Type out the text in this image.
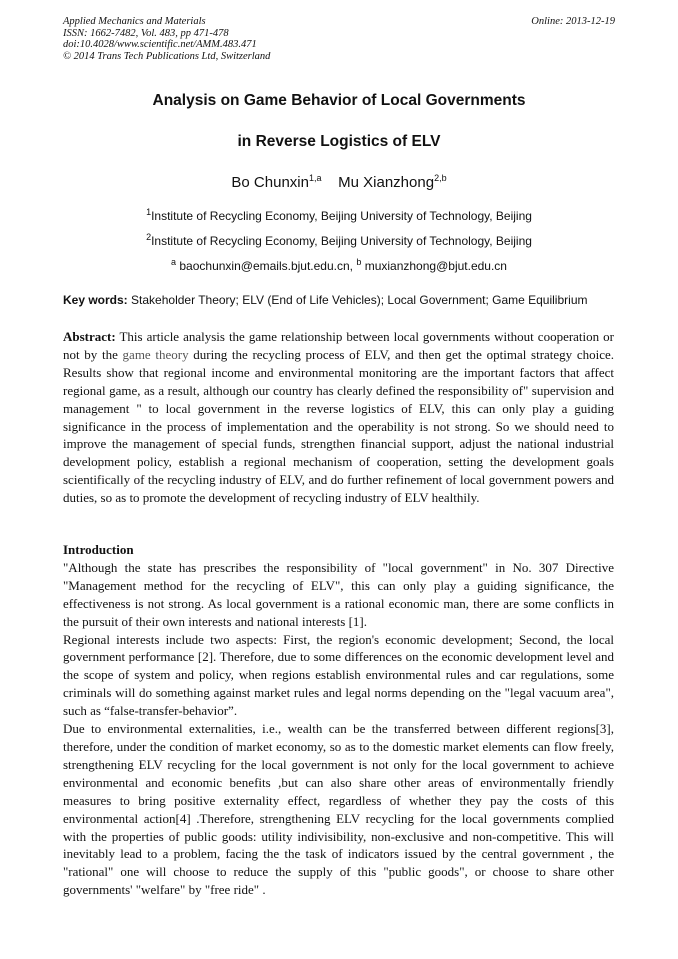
Applied Mechanics and Materials
ISSN: 1662-7482, Vol. 483, pp 471-478
doi:10.4028/www.scientific.net/AMM.483.471
© 2014 Trans Tech Publications Ltd, Switzerland
Online: 2013-12-19
Analysis on Game Behavior of Local Governments
in Reverse Logistics of ELV
Bo Chunxin$^{1,a}$ Mu Xianzhong$^{2,b}$
$^1$Institute of Recycling Economy, Beijing University of Technology, Beijing
$^2$Institute of Recycling Economy, Beijing University of Technology, Beijing
$^a$ baochunxin@emails.bjut.edu.cn, $^b$ muxianzhong@bjut.edu.cn
Key words: Stakeholder Theory; ELV (End of Life Vehicles); Local Government; Game Equilibrium
Abstract: This article analysis the game relationship between local governments without cooperation or not by the game theory during the recycling process of ELV, and then get the optimal strategy choice. Results show that regional income and environmental monitoring are the important factors that affect regional game, as a result, although our country has clearly defined the responsibility of" supervision and management " to local government in the reverse logistics of ELV, this can only play a guiding significance in the process of implementation and the operability is not strong. So we should need to improve the management of special funds, strengthen financial support, adjust the national industrial development policy, establish a regional mechanism of cooperation, setting the development goals scientifically of the recycling industry of ELV, and do further refinement of local government powers and duties, so as to promote the development of recycling industry of ELV healthily.
Introduction

"Although the state has prescribes the responsibility of "local government" in No. 307 Directive "Management method for the recycling of ELV", this can only play a guiding significance, the effectiveness is not strong. As local government is a rational economic man, there are some conflicts in the pursuit of their own interests and national interests [1].

Regional interests include two aspects: First, the region's economic development; Second, the local government performance [2]. Therefore, due to some differences on the economic development level and the scope of system and policy, when regions establish environmental rules and car regulations, some criminals will do something against market rules and legal norms depending on the "legal vacuum area", such as “false-transfer-behavior”.

Due to environmental externalities, i.e., wealth can be the transferred between different regions[3], therefore, under the condition of market economy, so as to the domestic market elements can flow freely, strengthening ELV recycling for the local government is not only for the local government to achieve environmental and economic benefits ,but can also share other areas of environmentally friendly measures to bring positive externality effect, regardless of whether they pay the costs of this environmental action[4] .Therefore, strengthening ELV recycling for the local governments complied with the properties of public goods: utility indivisibility, non-exclusive and non-competitive. This will inevitably lead to a problem, facing the the task of indicators issued by the central government , the "rational" one will choose to reduce the supply of this "public goods", or choose to share other governments' "welfare" by "free ride" .
